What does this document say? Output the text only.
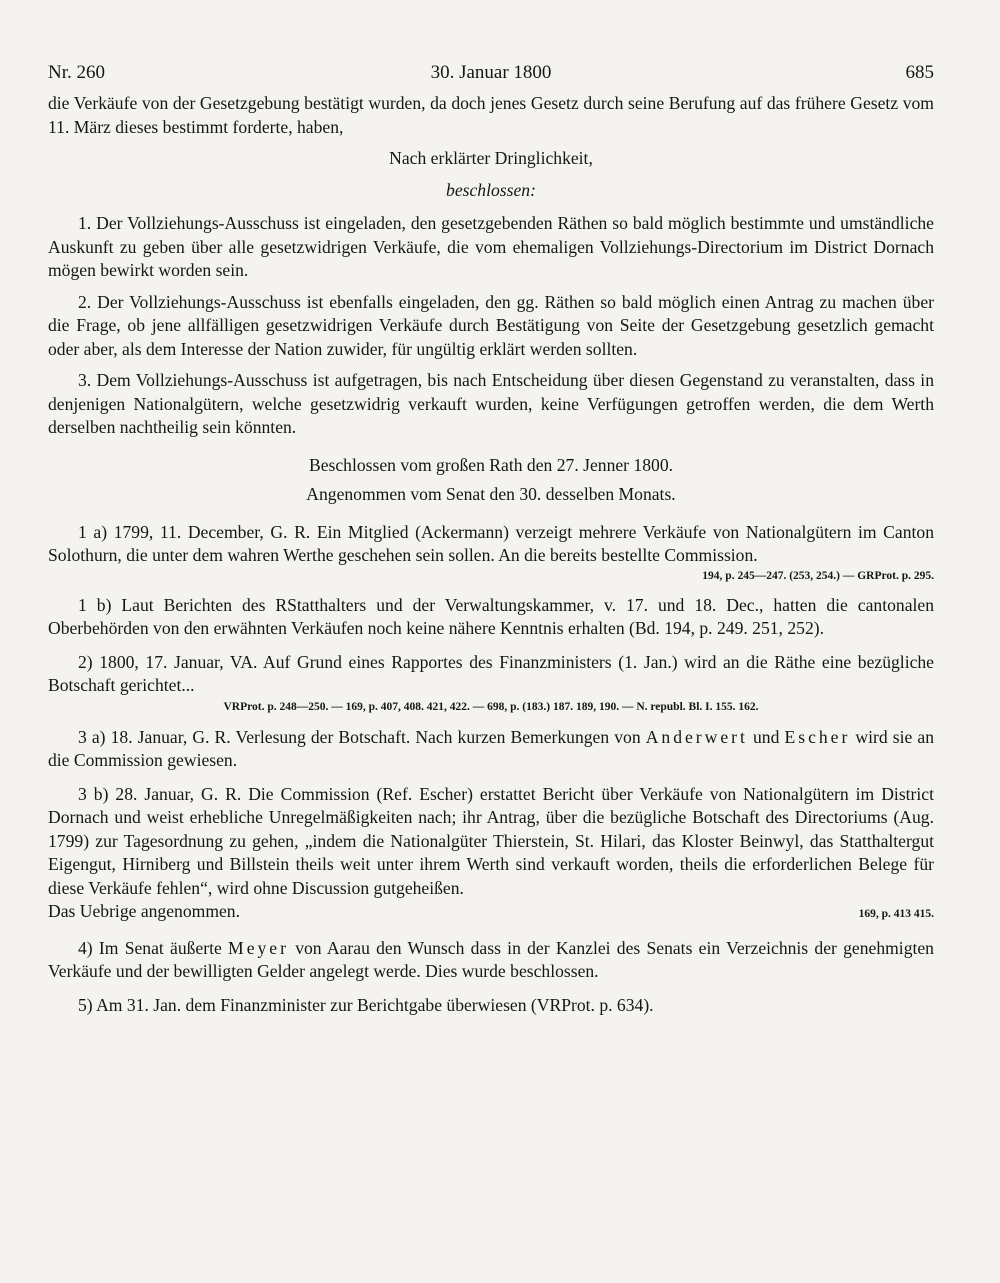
Nr. 260	30. Januar 1800	685

die Verkäufe von der Gesetzgebung bestätigt wurden, da doch jenes Gesetz durch seine Berufung auf das frühere Gesetz vom 11. März dieses bestimmt forderte, haben,

Nach erklärter Dringlichkeit,

beschlossen:

1. Der Vollziehungs-Ausschuss ist eingeladen, den gesetzgebenden Räthen so bald möglich bestimmte und umständliche Auskunft zu geben über alle gesetzwidrigen Verkäufe, die vom ehemaligen Vollziehungs-Directorium im District Dornach mögen bewirkt worden sein.

2. Der Vollziehungs-Ausschuss ist ebenfalls eingeladen, den gg. Räthen so bald möglich einen Antrag zu machen über die Frage, ob jene allfälligen gesetzwidrigen Verkäufe durch Bestätigung von Seite der Gesetzgebung gesetzlich gemacht oder aber, als dem Interesse der Nation zuwider, für ungültig erklärt werden sollten.

3. Dem Vollziehungs-Ausschuss ist aufgetragen, bis nach Entscheidung über diesen Gegenstand zu veranstalten, dass in denjenigen Nationalgütern, welche gesetzwidrig verkauft wurden, keine Verfügungen getroffen werden, die dem Werth derselben nachtheilig sein könnten.

Beschlossen vom großen Rath den 27. Jenner 1800.

Angenommen vom Senat den 30. desselben Monats.

1 a) 1799, 11. December, G. R. Ein Mitglied (Ackermann) verzeigt mehrere Verkäufe von Nationalgütern im Canton Solothurn, die unter dem wahren Werthe geschehen sein sollen. An die bereits bestellte Commission.

194, p. 245—247. (253, 254.) — GRProt. p. 295.

1 b) Laut Berichten des RStatthalters und der Verwaltungskammer, v. 17. und 18. Dec., hatten die cantonalen Oberbehörden von den erwähnten Verkäufen noch keine nähere Kenntnis erhalten (Bd. 194, p. 249. 251, 252).

2) 1800, 17. Januar, VA. Auf Grund eines Rapportes des Finanzministers (1. Jan.) wird an die Räthe eine bezügliche Botschaft gerichtet...

VRProt. p. 248—250. — 169, p. 407, 408. 421, 422. — 698, p. (183.) 187. 189, 190. — N. republ. Bl. I. 155. 162.

3 a) 18. Januar, G. R. Verlesung der Botschaft. Nach kurzen Bemerkungen von Anderwert und Escher wird sie an die Commission gewiesen.

3 b) 28. Januar, G. R. Die Commission (Ref. Escher) erstattet Bericht über Verkäufe von Nationalgütern im District Dornach und weist erhebliche Unregelmäßigkeiten nach; ihr Antrag, über die bezügliche Botschaft des Directoriums (Aug. 1799) zur Tagesordnung zu gehen, „indem die Nationalgüter Thierstein, St. Hilari, das Kloster Beinwyl, das Statthaltergut Eigengut, Hirniberg und Billstein theils weit unter ihrem Werth sind verkauft worden, theils die erforderlichen Belege für diese Verkäufe fehlen“, wird ohne Discussion gutgeheißen.

Das Uebrige angenommen.	169, p. 413 415.

4) Im Senat äußerte Meyer von Aarau den Wunsch dass in der Kanzlei des Senats ein Verzeichnis der genehmigten Verkäufe und der bewilligten Gelder angelegt werde. Dies wurde beschlossen.

5) Am 31. Jan. dem Finanzminister zur Berichtgabe überwiesen (VRProt. p. 634).
